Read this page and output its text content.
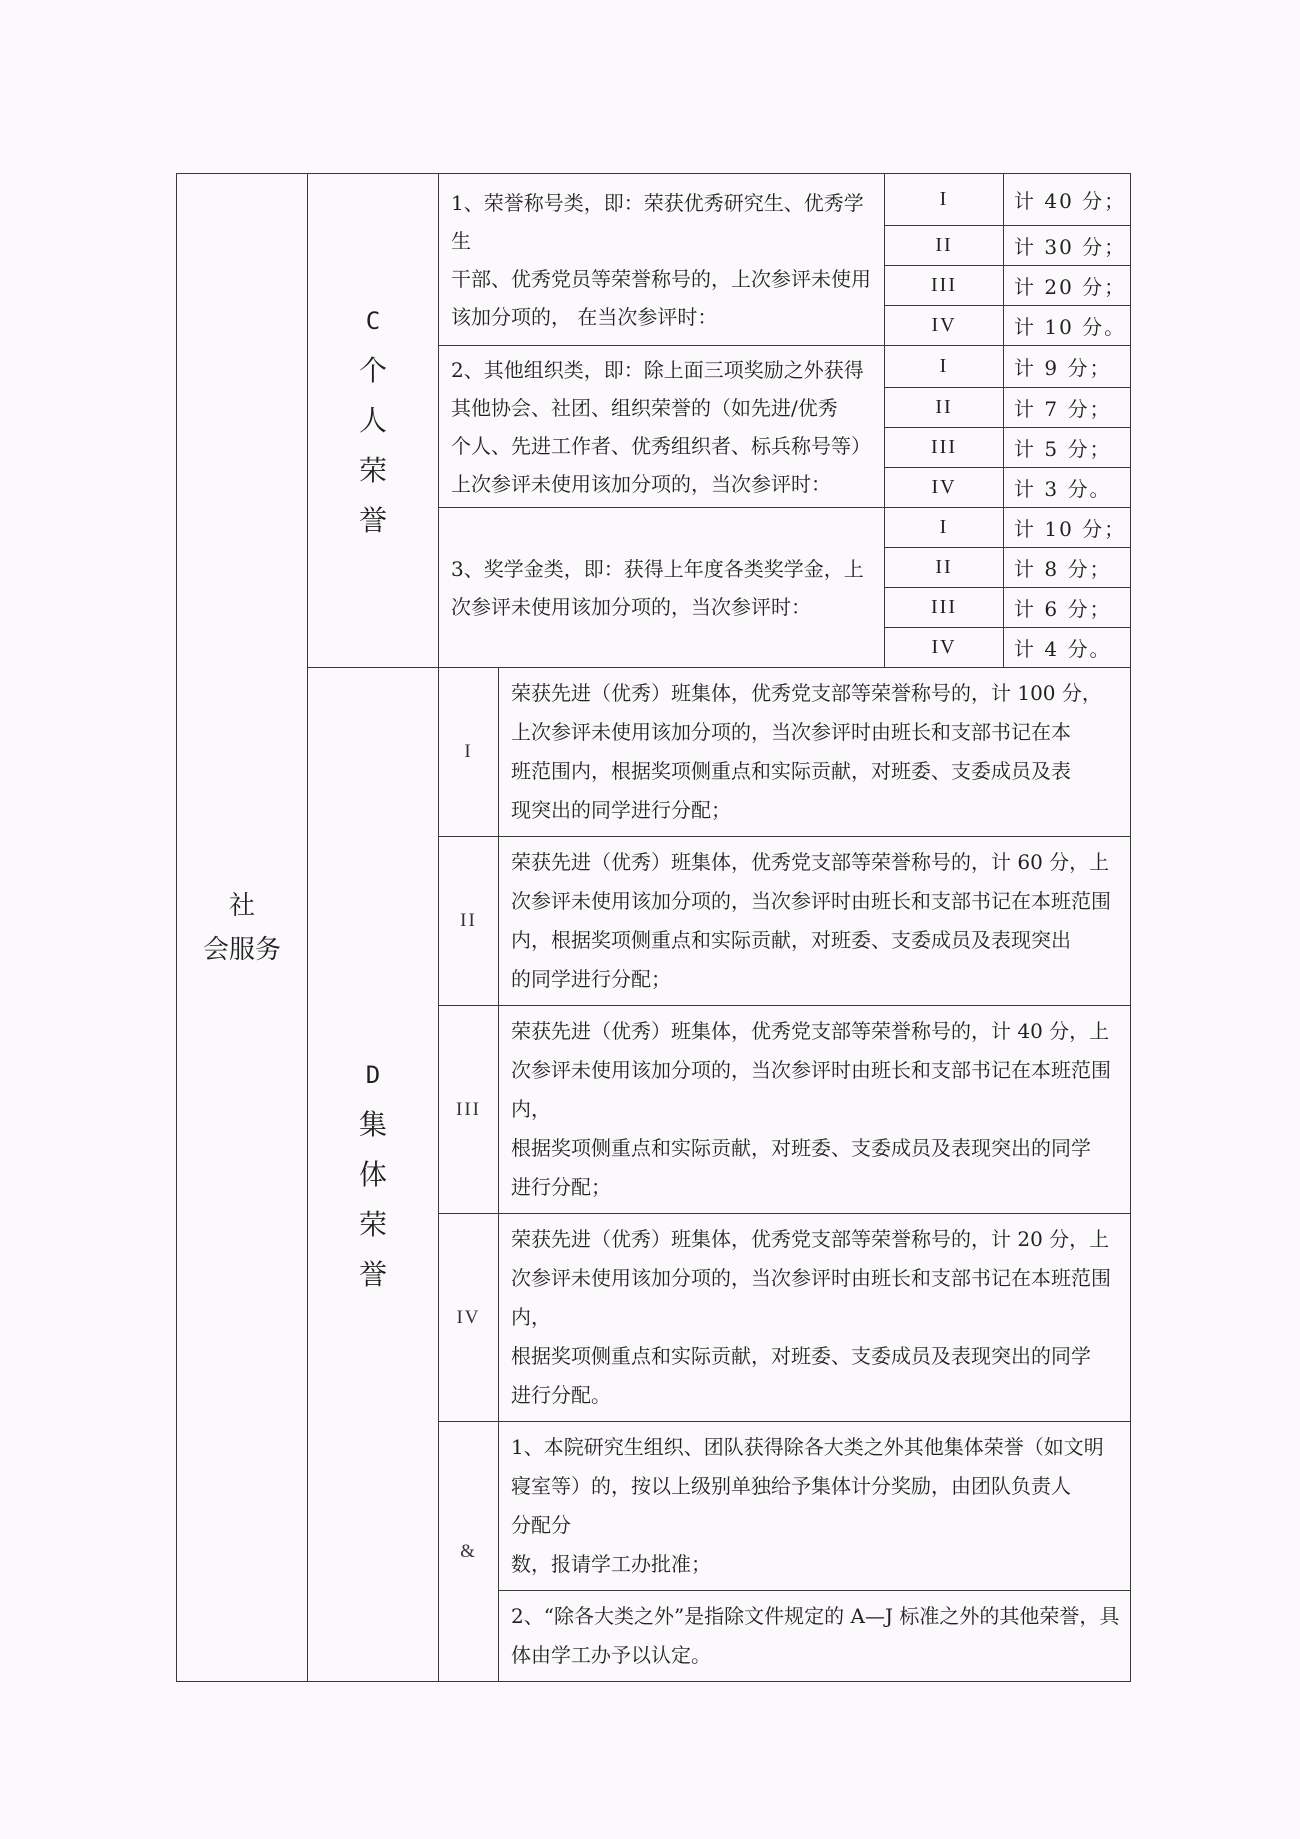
社
会服务	C
个
人
荣
誉	1、荣誉称号类，即：荣获优秀研究生、优秀学生
干部、优秀党员等荣誉称号的，上次参评未使用
该加分项的， 在当次参评时：		I	计 40 分；
				II	计 30 分；
				III	计 20 分；
				IV	计 10 分。

		2、其他组织类，即：除上面三项奖励之外获得
其他协会、社团、组织荣誉的（如先进/优秀
个人、先进工作者、优秀组织者、标兵称号等）
上次参评未使用该加分项的，当次参评时：		I	计 9 分；
				II	计 7 分；
				III	计 5 分；
				IV	计 3 分。

		3、奖学金类，即：获得上年度各类奖学金，上
次参评未使用该加分项的，当次参评时：		I	计 10 分；
				II	计 8 分；
				III	计 6 分；
				IV	计 4 分。

	D
集
体
荣
誉	I	荣获先进（优秀）班集体，优秀党支部等荣誉称号的，计 100 分，
上次参评未使用该加分项的，当次参评时由班长和支部书记在本
班范围内，根据奖项侧重点和实际贡献，对班委、支委成员及表
现突出的同学进行分配；		

		II	荣获先进（优秀）班集体，优秀党支部等荣誉称号的，计 60 分，上
次参评未使用该加分项的，当次参评时由班长和支部书记在本班范围
内，根据奖项侧重点和实际贡献，对班委、支委成员及表现突出
的同学进行分配；		

		III	荣获先进（优秀）班集体，优秀党支部等荣誉称号的，计 40 分，上
次参评未使用该加分项的，当次参评时由班长和支部书记在本班范围内，
根据奖项侧重点和实际贡献，对班委、支委成员及表现突出的同学
进行分配；		

		IV	荣获先进（优秀）班集体，优秀党支部等荣誉称号的，计 20 分，上
次参评未使用该加分项的，当次参评时由班长和支部书记在本班范围内，
根据奖项侧重点和实际贡献，对班委、支委成员及表现突出的同学
进行分配。		

		&	1、本院研究生组织、团队获得除各大类之外其他集体荣誉（如文明
寝室等）的，按以上级别单独给予集体计分奖励，由团队负责人
分配分
数，报请学工办批准；		

			2、“除各大类之外”是指除文件规定的 A—J 标准之外的其他荣誉，具
体由学工办予以认定。		
